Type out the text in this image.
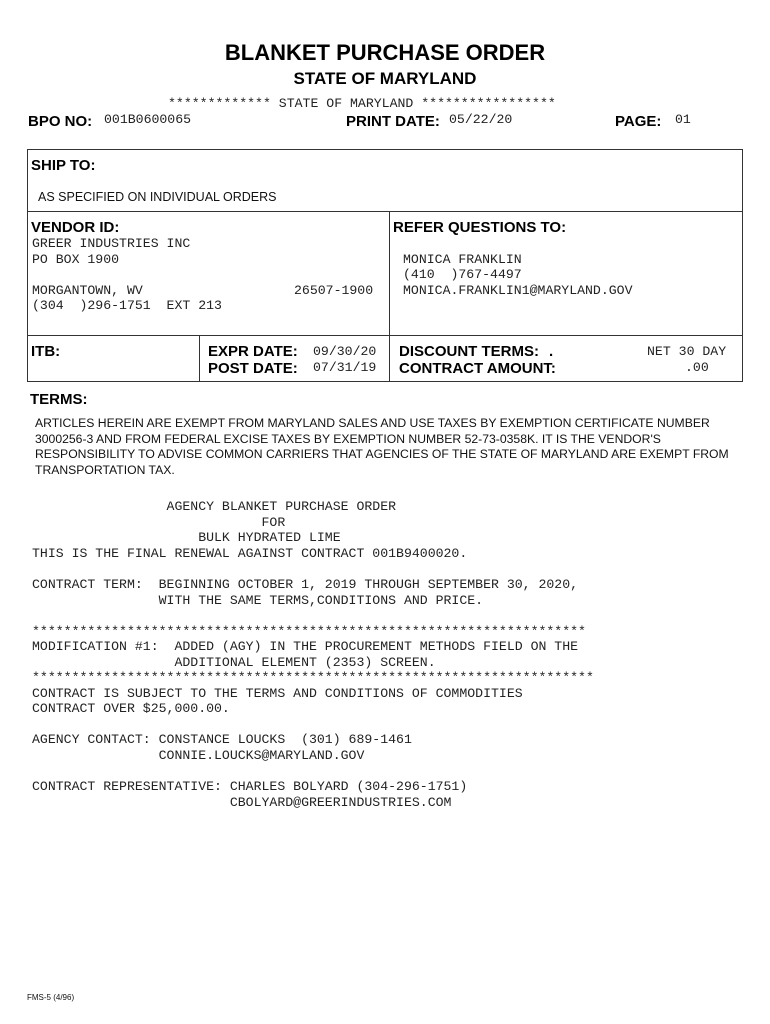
BLANKET PURCHASE ORDER
STATE OF MARYLAND
************* STATE OF MARYLAND *****************
BPO NO: 001B0600065	PRINT DATE: 05/22/20	PAGE: 01
SHIP TO:
AS SPECIFIED ON INDIVIDUAL ORDERS
VENDOR ID:
GREER INDUSTRIES INC
PO BOX 1900
MORGANTOWN, WV	26507-1900
(304  )296-1751  EXT 213
REFER QUESTIONS TO:
MONICA FRANKLIN
(410  )767-4497
MONICA.FRANKLIN1@MARYLAND.GOV
ITB:	EXPR DATE: 09/30/20
POST DATE: 07/31/19
DISCOUNT TERMS: .	NET 30 DAY
CONTRACT AMOUNT:	.00
TERMS:
ARTICLES HEREIN ARE EXEMPT FROM MARYLAND SALES AND USE TAXES BY EXEMPTION CERTIFICATE NUMBER 3000256-3 AND FROM FEDERAL EXCISE TAXES BY EXEMPTION NUMBER 52-73-0358K. IT IS THE VENDOR'S RESPONSIBILITY TO ADVISE COMMON CARRIERS THAT AGENCIES OF THE STATE OF MARYLAND ARE EXEMPT FROM TRANSPORTATION TAX.
AGENCY BLANKET PURCHASE ORDER
FOR
BULK HYDRATED LIME
THIS IS THE FINAL RENEWAL AGAINST CONTRACT 001B9400020.
CONTRACT TERM:  BEGINNING OCTOBER 1, 2019 THROUGH SEPTEMBER 30, 2020,
WITH THE SAME TERMS,CONDITIONS AND PRICE.
**********************************************************************
MODIFICATION #1:  ADDED (AGY) IN THE PROCUREMENT METHODS FIELD ON THE
ADDITIONAL ELEMENT (2353) SCREEN.
***********************************************************************
CONTRACT IS SUBJECT TO THE TERMS AND CONDITIONS OF COMMODITIES
CONTRACT OVER $25,000.00.
AGENCY CONTACT: CONSTANCE LOUCKS  (301) 689-1461
CONNIE.LOUCKS@MARYLAND.GOV
CONTRACT REPRESENTATIVE: CHARLES BOLYARD (304-296-1751)
CBOLYARD@GREERINDUSTRIES.COM
FMS-5 (4/96)
